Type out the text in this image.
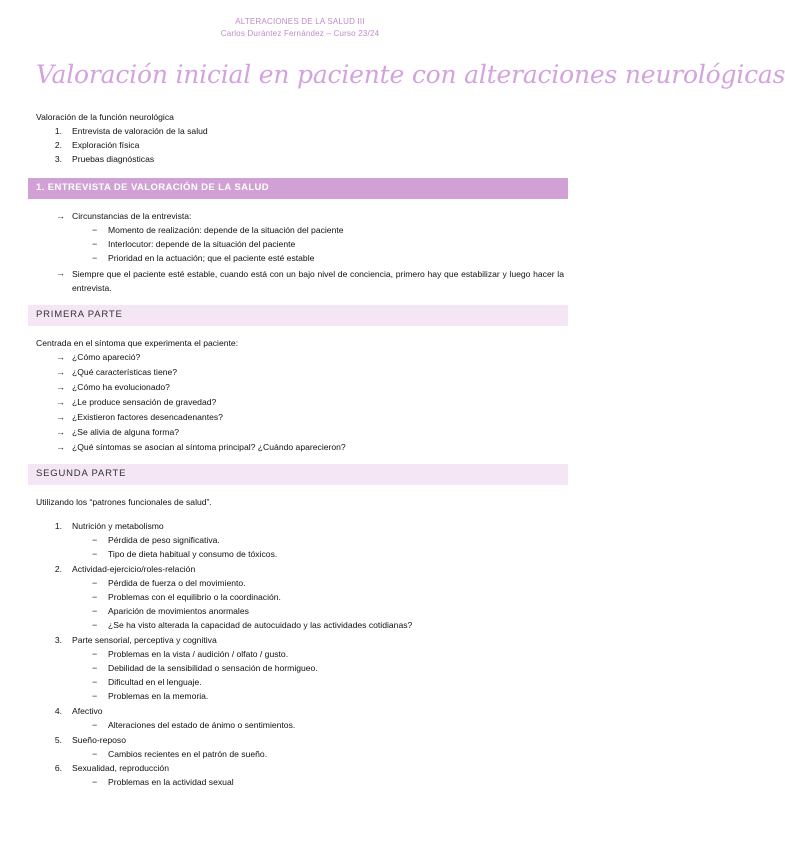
ALTERACIONES DE LA SALUD III
Carlos Durántez Fernández – Curso 23/24
Valoración inicial en paciente con alteraciones neurológicas
Valoración de la función neurológica
1. Entrevista de valoración de la salud
2. Exploración física
3. Pruebas diagnósticas
1. ENTREVISTA DE VALORACIÓN DE LA SALUD
→ Circunstancias de la entrevista:
− Momento de realización: depende de la situación del paciente
− Interlocutor: depende de la situación del paciente
− Prioridad en la actuación; que el paciente esté estable
→ Siempre que el paciente esté estable, cuando está con un bajo nivel de conciencia, primero hay que estabilizar y luego hacer la entrevista.
PRIMERA PARTE
Centrada en el síntoma que experimenta el paciente:
→ ¿Cómo apareció?
→ ¿Qué características tiene?
→ ¿Cómo ha evolucionado?
→ ¿Le produce sensación de gravedad?
→ ¿Existieron factores desencadenantes?
→ ¿Se alivia de alguna forma?
→ ¿Qué síntomas se asocian al síntoma principal? ¿Cuándo aparecieron?
SEGUNDA PARTE
Utilizando los “patrones funcionales de salud”.
1. Nutrición y metabolismo
− Pérdida de peso significativa.
− Tipo de dieta habitual y consumo de tóxicos.
2. Actividad-ejercicio/roles-relación
− Pérdida de fuerza o del movimiento.
− Problemas con el equilibrio o la coordinación.
− Aparición de movimientos anormales
− ¿Se ha visto alterada la capacidad de autocuidado y las actividades cotidianas?
3. Parte sensorial, perceptiva y cognitiva
− Problemas en la vista / audición / olfato / gusto.
− Debilidad de la sensibilidad o sensación de hormigueo.
− Dificultad en el lenguaje.
− Problemas en la memoria.
4. Afectivo
− Alteraciones del estado de ánimo o sentimientos.
5. Sueño-reposo
− Cambios recientes en el patrón de sueño.
6. Sexualidad, reproducción
− Problemas en la actividad sexual
